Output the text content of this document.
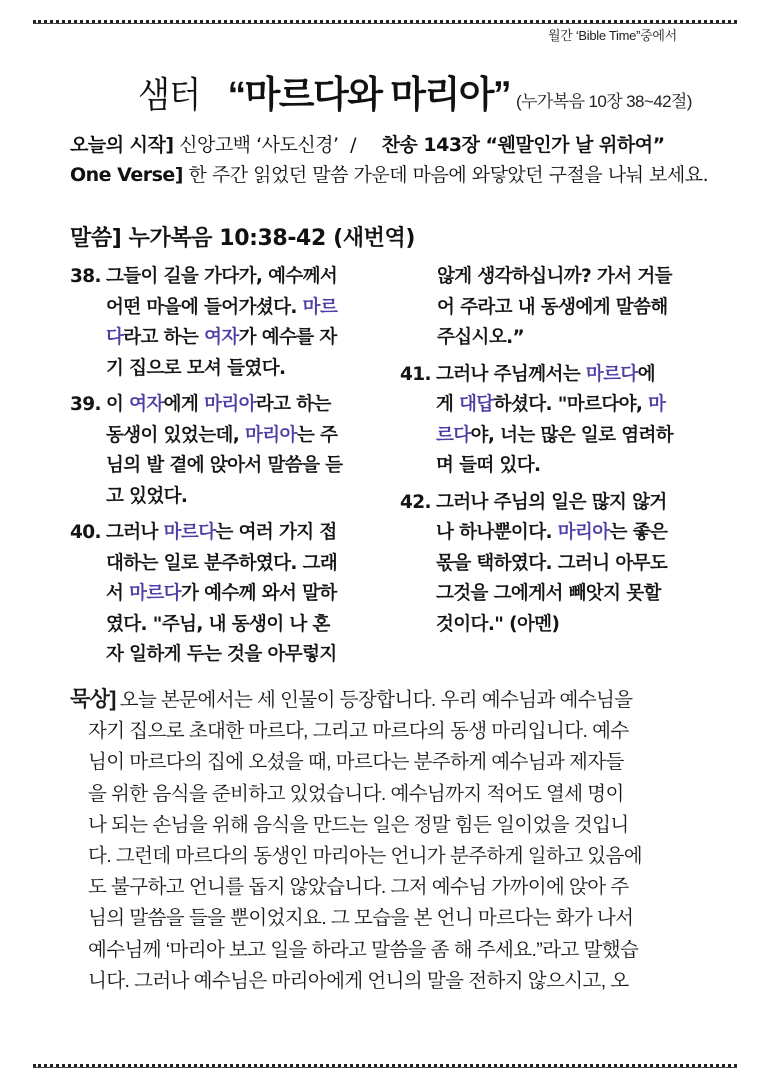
월간 ‘Bible Time”중에서
샘터 “마르다와 마리아” (누가복음 10장 38~42절)
오늘의 시작] 신앙고백 ‘사도신경’ / 찬송 143장 “웬말인가 날 위하여”
One Verse] 한 주간 읽었던 말씀 가운데 마음에 와닿았던 구절을 나눠 보세요.
말씀] 누가복음 10:38-42 (새번역)
38. 그들이 길을 가다가, 예수께서
어떤 마을에 들어가셨다. 마르
다라고 하는 여자가 예수를 자
기 집으로 모셔 들였다.
39. 이 여자에게 마리아라고 하는
동생이 있었는데, 마리아는 주
님의 발 곁에 앉아서 말씀을 듣
고 있었다.
40. 그러나 마르다는 여러 가지 접
대하는 일로 분주하였다. 그래
서 마르다가 예수께 와서 말하
였다. "주님, 내 동생이 나 혼
자 일하게 두는 것을 아무렇지
않게 생각하십니까? 가서 거들
어 주라고 내 동생에게 말씀해
주십시오.”
41. 그러나 주님께서는 마르다에
게 대답하셨다. "마르다야, 마
르다야, 너는 많은 일로 염려하
며 들떠 있다.
42. 그러나 주님의 일은 많지 않거
나 하나뿐이다. 마리아는 좋은
몫을 택하였다. 그러니 아무도
그것을 그에게서 빼앗지 못할
것이다." (아멘)
묵상] 오늘 본문에서는 세 인물이 등장합니다. 우리 예수님과 예수님을
자기 집으로 초대한 마르다, 그리고 마르다의 동생 마리입니다. 예수
님이 마르다의 집에 오셨을 때, 마르다는 분주하게 예수님과 제자들
을 위한 음식을 준비하고 있었습니다. 예수님까지 적어도 열세 명이
나 되는 손님을 위해 음식을 만드는 일은 정말 힘든 일이었을 것입니
다. 그런데 마르다의 동생인 마리아는 언니가 분주하게 일하고 있음에
도 불구하고 언니를 돕지 않았습니다. 그저 예수님 가까이에 앉아 주
님의 말씀을 들을 뿐이었지요. 그 모습을 본 언니 마르다는 화가 나서
예수님께 ‘마리아 보고 일을 하라고 말씀을 좀 해 주세요.”라고 말했습
니다. 그러나 예수님은 마리아에게 언니의 말을 전하지 않으시고, 오
